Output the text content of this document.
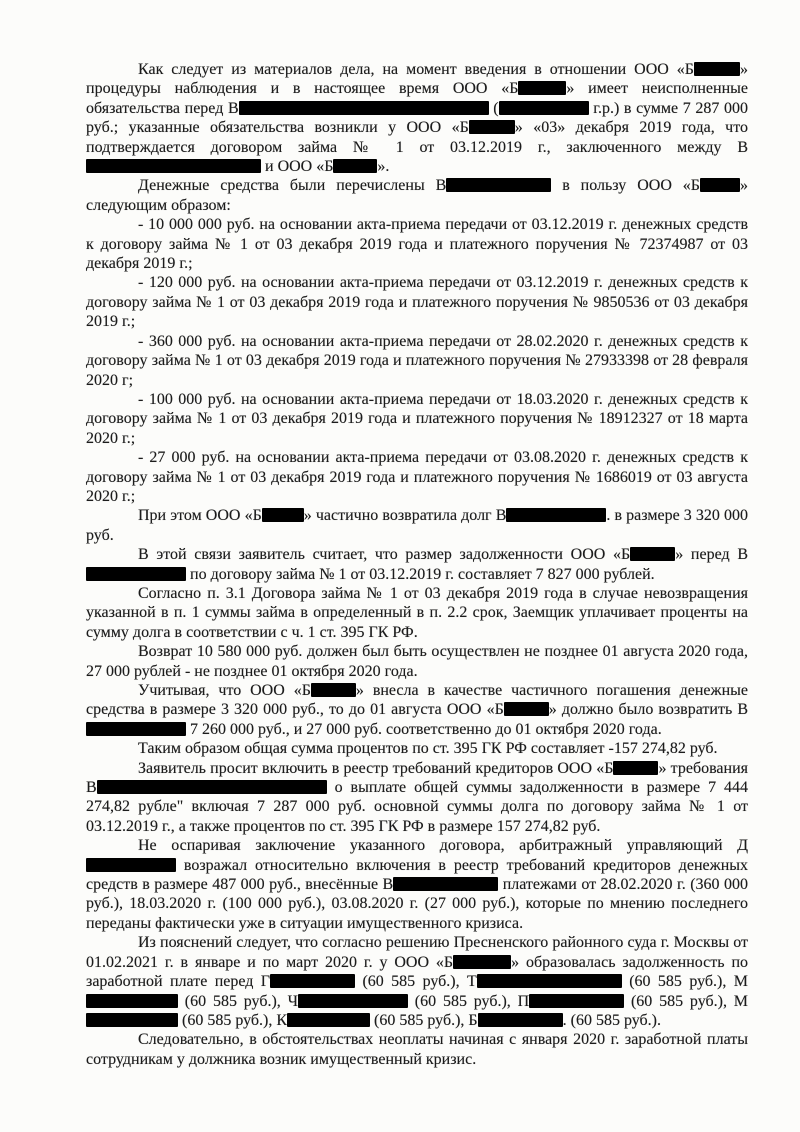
Как следует из материалов дела, на момент введения в отношении ООО «Б	» процедуры наблюдения и в настоящее время ООО «Б	» имеет неисполненные обязательства перед В	(	г.р.) в сумме 7 287 000 руб.; указанные обязательства возникли у ООО «Б	» «03» декабря 2019 года, что подтверждается договором займа № 1 от 03.12.2019 г., заключенного между В и ООО «Б	».

Денежные средства были перечислены В	в пользу ООО «Б	» следующим образом:

- 10 000 000 руб. на основании акта-приема передачи от 03.12.2019 г. денежных средств к договору займа № 1 от 03 декабря 2019 года и платежного поручения № 72374987 от 03 декабря 2019 г.;

- 120 000 руб. на основании акта-приема передачи от 03.12.2019 г. денежных средств к договору займа № 1 от 03 декабря 2019 года и платежного поручения № 9850536 от 03 декабря 2019 г.;

- 360 000 руб. на основании акта-приема передачи от 28.02.2020 г. денежных средств к договору займа № 1 от 03 декабря 2019 года и платежного поручения № 27933398 от 28 февраля 2020 г;

- 100 000 руб. на основании акта-приема передачи от 18.03.2020 г. денежных средств к договору займа № 1 от 03 декабря 2019 года и платежного поручения № 18912327 от 18 марта 2020 г.;

- 27 000 руб. на основании акта-приема передачи от 03.08.2020 г. денежных средств к договору займа № 1 от 03 декабря 2019 года и платежного поручения № 1686019 от 03 августа 2020 г.;

При этом ООО «Б	» частично возвратила долг В	. в размере 3 320 000 руб.

В этой связи заявитель считает, что размер задолженности ООО «Б	» перед В по договору займа № 1 от 03.12.2019 г. составляет 7 827 000 рублей.

Согласно п. 3.1 Договора займа № 1 от 03 декабря 2019 года в случае невозвращения указанной в п. 1 суммы займа в определенный в п. 2.2 срок, Заемщик уплачивает проценты на сумму долга в соответствии с ч. 1 ст. 395 ГК РФ.

Возврат 10 580 000 руб. должен был быть осуществлен не позднее 01 августа 2020 года, 27 000 рублей - не позднее 01 октября 2020 года.

Учитывая, что ООО «Б	» внесла в качестве частичного погашения денежные средства в размере 3 320 000 руб., то до 01 августа ООО «Б	» должно было возвратить В 7 260 000 руб., и 27 000 руб. соответственно до 01 октября 2020 года.

Таким образом общая сумма процентов по ст. 395 ГК РФ составляет -157 274,82 руб.

Заявитель просит включить в реестр требований кредиторов ООО «Б	» требования В	о выплате общей суммы задолженности в размере 7 444 274,82 рубле" включая 7 287 000 руб. основной суммы долга по договору займа № 1 от 03.12.2019 г., а также процентов по ст. 395 ГК РФ в размере 157 274,82 руб.

Не оспаривая заключение указанного договора, арбитражный управляющий Д возражал относительно включения в реестр требований кредиторов денежных средств в размере 487 000 руб., внесённые В	платежами от 28.02.2020 г. (360 000 руб.), 18.03.2020 г. (100 000 руб.), 03.08.2020 г. (27 000 руб.), которые по мнению последнего переданы фактически уже в ситуации имущественного кризиса.

Из пояснений следует, что согласно решению Пресненского районного суда г. Москвы от 01.02.2021 г. в январе и по март 2020 г. у ООО «Б	» образовалась задолженность по заработной плате перед Г	(60 585 руб.), Т	(60 585 руб.), М (60 585 руб.), Ч	(60 585 руб.), П	(60 585 руб.), М (60 585 руб.), К	(60 585 руб.), Б	. (60 585 руб.).

Следовательно, в обстоятельствах неоплаты начиная с января 2020 г. заработной платы сотрудникам у должника возник имущественный кризис.
